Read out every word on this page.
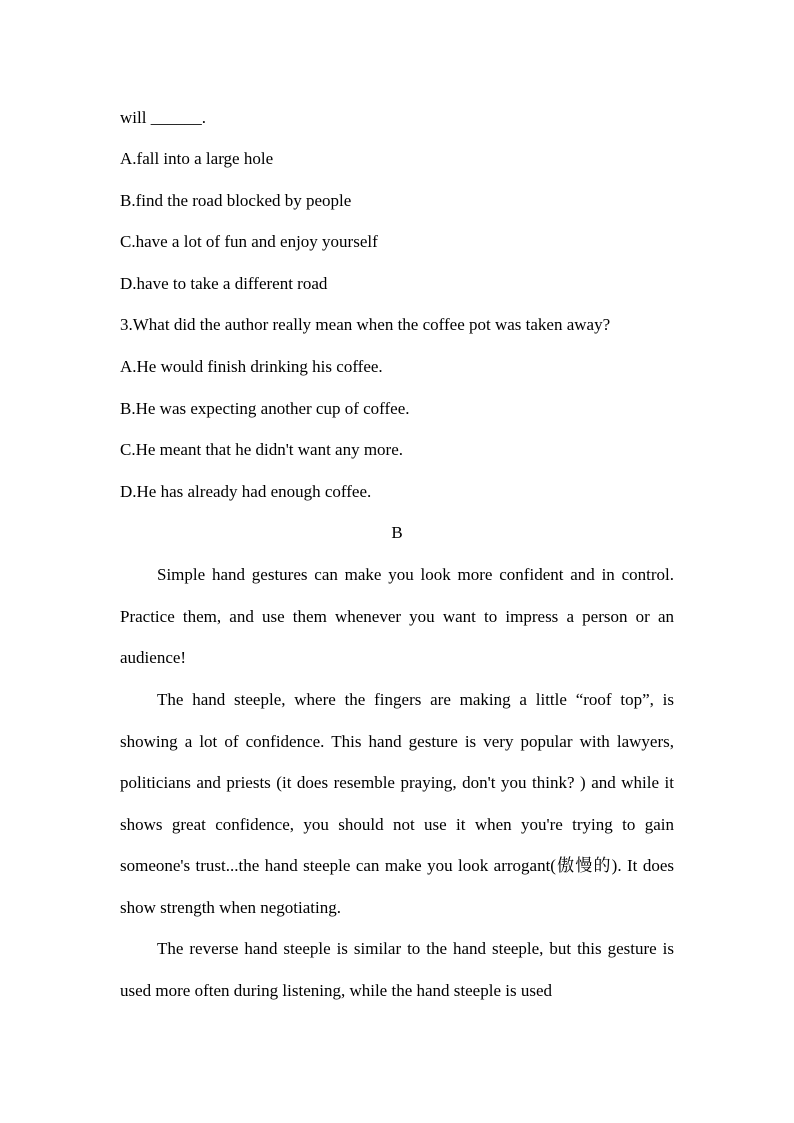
will ______.
A.fall into a large hole
B.find the road blocked by people
C.have a lot of fun and enjoy yourself
D.have to take a different road
3.What did the author really mean when the coffee pot was taken away?
A.He would finish drinking his coffee.
B.He was expecting another cup of coffee.
C.He meant that he didn't want any more.
D.He has already had enough coffee.
B

Simple hand gestures can make you look more confident and in control. Practice them, and use them whenever you want to impress a person or an audience!

The hand steeple, where the fingers are making a little “roof top”, is showing a lot of confidence. This hand gesture is very popular with lawyers, politicians and priests (it does resemble praying, don't you think? ) and while it shows great confidence, you should not use it when you're trying to gain someone's trust...the hand steeple can make you look arrogant(傲慢的). It does show strength when negotiating.

The reverse hand steeple is similar to the hand steeple, but this gesture is used more often during listening, while the hand steeple is used
